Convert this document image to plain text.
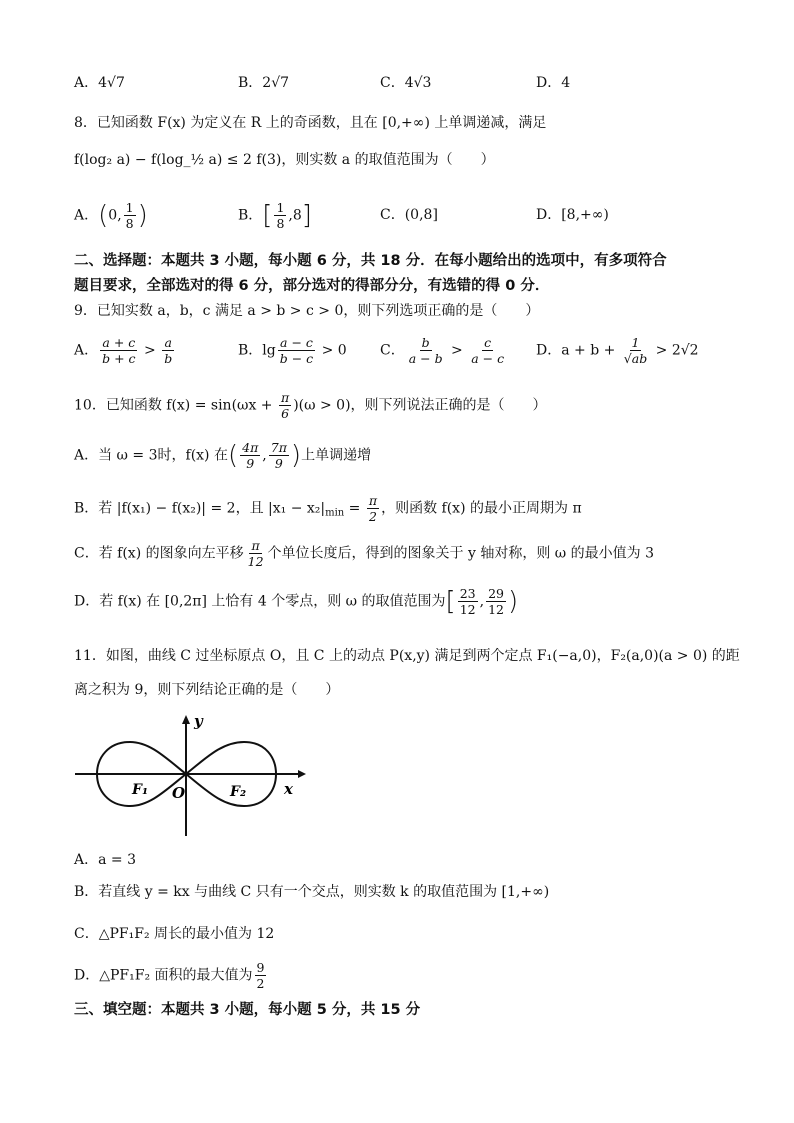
A．4√7	B．2√7	C．4√3	D．4
8．已知函数 F(x) 为定义在 R 上的奇函数，且在 [0,+∞) 上单调递减，满足
f(log₂ a) − f(log_½ a) ≤ 2 f(3)，则实数 a 的取值范围为（　　）
A．(0, $\frac{1}{8}$ )	B．[ $\frac{1}{8} ,8$]	C．(0,8]	D．[8,+∞)
二、选择题：本题共 3 小题，每小题 6 分，共 18 分．在每小题给出的选项中，有多项符合
题目要求，全部选对的得 6 分，部分选对的得部分分，有选错的得 0 分．
9．已知实数 a，b，c 满足 a > b > c > 0，则下列选项正确的是（　　）
A． $\frac{a + c}{b + c} > \frac{a}{b}$	B．$\lg \frac{a - c}{b - c} > 0$ C． $\frac{b}{a - b} > \frac{c}{a - c}$ D．$a + b + \frac{1}{√ab} > 2√2$
10．已知函数 $f(x) = \sin(\omega x + \frac{\pi}{6} )(\omega > 0)$，则下列说法正确的是（　　）
A．当 ω = 3时，f(x) 在( $\frac{4\pi}{9}$ , $\frac{7\pi}{9}$ )上单调递增
B．若 |f(x₁) − f(x₂)| = 2，且 $|x_1 - x_2|_{min} = \frac{\pi}{2}$ ，则函数 f(x) 的最小正周期为 π
C．若 f(x) 的图象向左平移 $\frac{\pi}{12}$ 个单位长度后，得到的图象关于 y 轴对称，则 ω 的最小值为 3
D．若 f(x) 在 [0,2π] 上恰有 4 个零点，则 ω 的取值范围为[ $\frac{23}{12}$ , $\frac{29}{12}$ )
11．如图，曲线 C 过坐标原点 O，且 C 上的动点 P(x,y) 满足到两个定点 F₁(−a,0)，F₂(a,0)(a > 0) 的距
离之积为 9，则下列结论正确的是（　　）
y
x
O
F₁	F₂
A．a = 3
B．若直线 y = kx 与曲线 C 只有一个交点，则实数 k 的取值范围为 [1,+∞)
C．△PF₁F₂ 周长的最小值为 12
D．△PF₁F₂ 面积的最大值为 $\frac{9}{2}$
三、填空题：本题共 3 小题，每小题 5 分，共 15 分
